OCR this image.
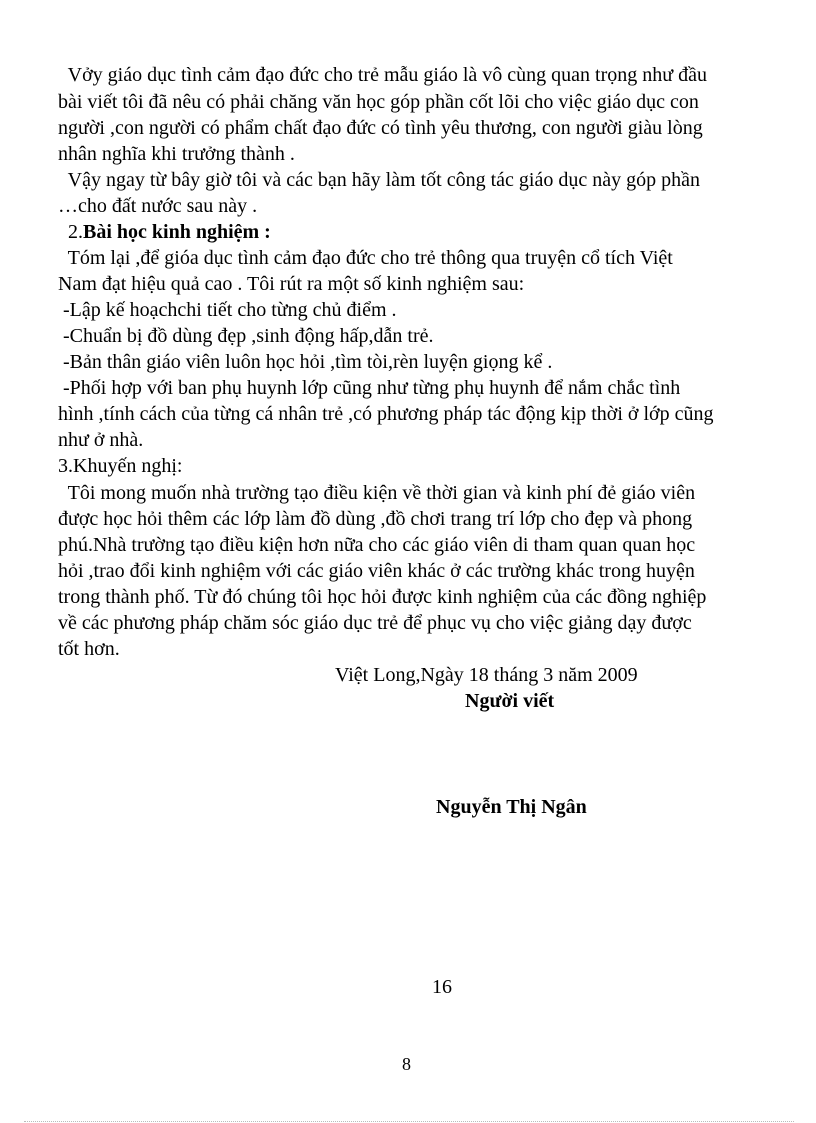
Vởy giáo dục tình cảm đạo đức cho trẻ mẫu giáo là vô cùng quan trọng như đầu
bài viết tôi đã nêu có phải chăng văn học góp phần cốt lõi cho việc giáo dục con
người ,con người có phẩm chất đạo đức có tình yêu thương, con người giàu lòng
nhân nghĩa khi trưởng thành .
Vậy ngay từ bây giờ tôi và các bạn hãy làm tốt công tác giáo dục này góp phần
…cho đất nước sau này .
2.Bài học kinh nghiệm :
Tóm lại ,để gióa dục tình cảm đạo đức cho trẻ thông qua truyện cổ tích Việt
Nam đạt hiệu quả cao . Tôi rút ra một số kinh nghiệm sau:
-Lập kế hoạchchi tiết cho từng chủ điểm .
-Chuẩn bị đồ dùng đẹp ,sinh động hấp,dẫn trẻ.
-Bản thân giáo viên luôn học hỏi ,tìm tòi,rèn luyện giọng kể .
-Phối hợp với ban phụ huynh lớp cũng như từng phụ huynh để nắm chắc tình
hình ,tính cách của từng cá nhân trẻ ,có phương pháp tác động kịp thời ở lớp cũng
như ở nhà.
3.Khuyến nghị:
Tôi mong muốn nhà trường tạo điều kiện về thời gian và kinh phí đẻ giáo viên
được học hỏi thêm các lớp làm đồ dùng ,đồ chơi trang trí lớp cho đẹp và phong
phú.Nhà trường tạo điều kiện hơn nữa cho các giáo viên di tham quan quan học
hỏi ,trao đổi kinh nghiệm với các giáo viên khác ở các trường khác trong huyện
trong thành phố. Từ đó chúng tôi học hỏi được kinh nghiệm của các đồng nghiệp
về các phương pháp chăm sóc giáo dục trẻ để phục vụ cho việc giảng dạy được
tốt hơn.
Việt Long,Ngày 18 tháng 3 năm 2009
Người viết
Nguyễn Thị Ngân
16
8
